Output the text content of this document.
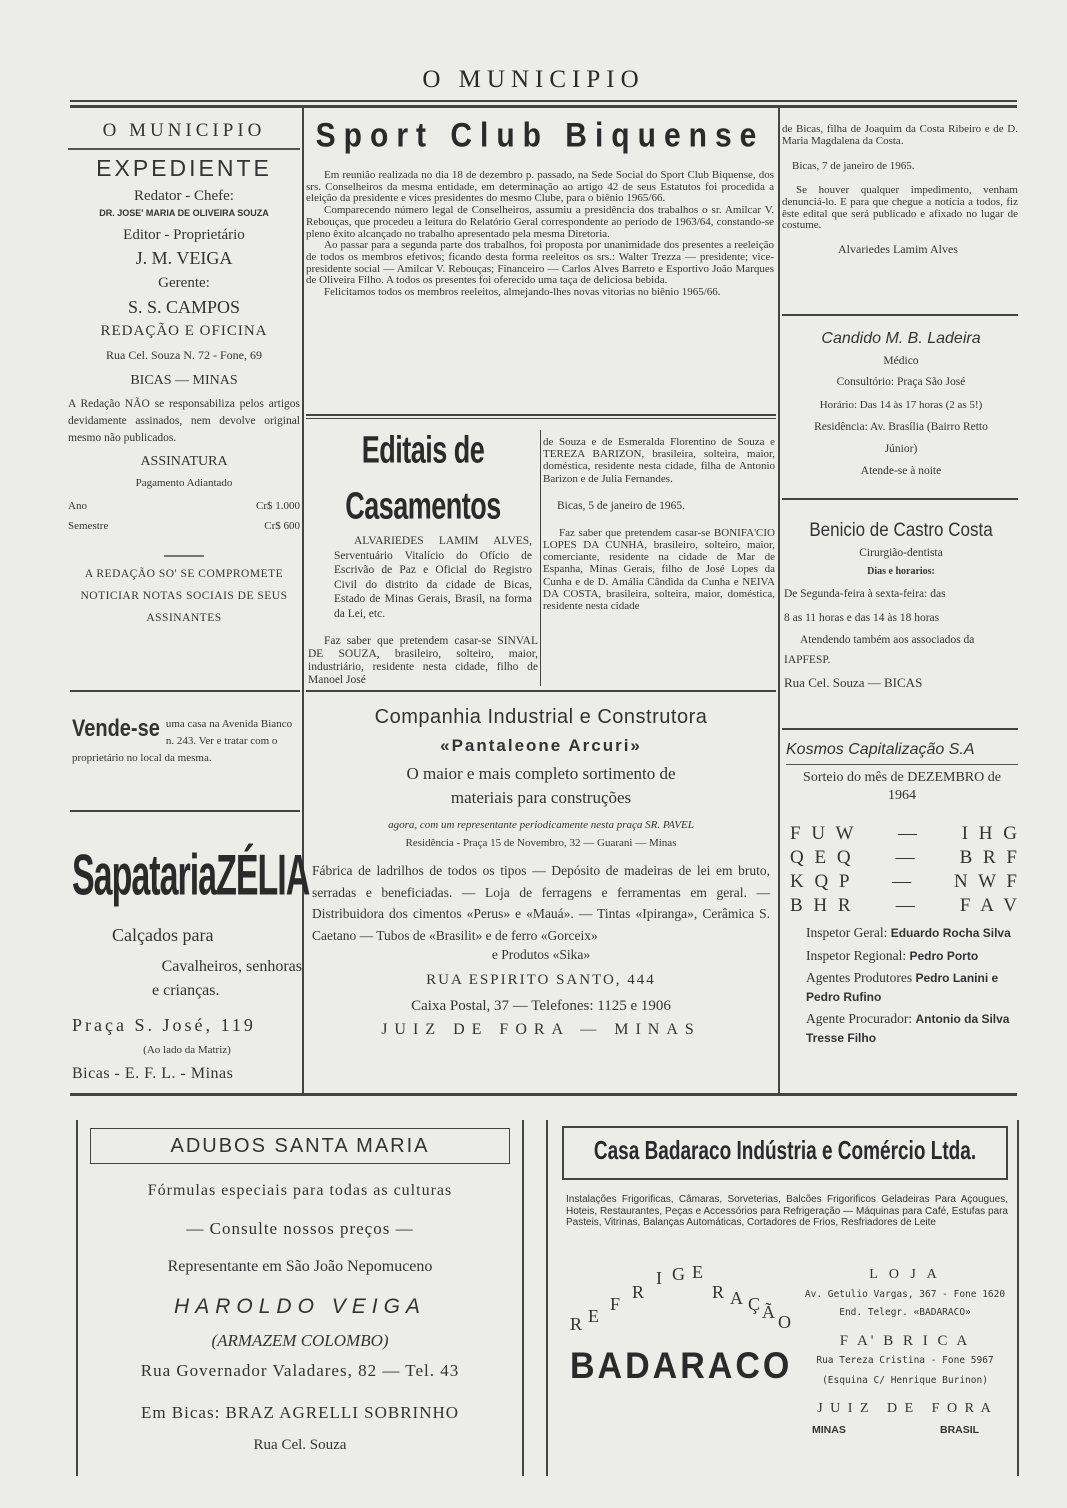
O MUNICIPIO
O MUNICIPIO
EXPEDIENTE
Redator - Chefe:
DR. JOSE' MARIA DE OLIVEIRA SOUZA
Editor - Proprietário
J. M. VEIGA
Gerente:
S. S. CAMPOS
REDAÇÃO E OFICINA
Rua Cel. Souza N. 72 - Fone, 69
BICAS — MINAS
A Redação NÃO se responsabiliza pelos artigos devidamente assinados, nem devolve original mesmo não publicados.
ASSINATURA
Pagamento Adiantado
Ano	Cr$ 1.000
Semestre	Cr$ 600
A REDAÇÃO SO' SE COMPROMETE NOTICIAR NOTAS SOCIAIS DE SEUS ASSINANTES
Vende-se uma casa na Avenida Bianco n. 243. Ver e tratar com o proprietário no local da mesma.
Sapataria ZÉLIA
Calçados para
Cavalheiros, senhoras
e crianças.
Praça S. José, 119
(Ao lado da Matriz)
Bicas - E. F. L. - Minas
Sport Club Biquense
Em reunião realizada no dia 18 de dezembro p. passado, na Sede Social do Sport Club Biquense, dos srs. Conselheiros da mesma entidade, em determinação ao artigo 42 de seus Estatutos foi procedida a eleição da presidente e vices presidentes do mesmo Clube, para o biênio 1965/66.
Comparecendo número legal de Conselheiros, assumiu a presidência dos trabalhos o sr. Amilcar V. Rebouças, que procedeu a leitura do Relatório Geral correspondente ao período de 1963/64, constando-se pleno êxito alcançado no trabalho apresentado pela mesma Diretoria.
Ao passar para a segunda parte dos trabalhos, foi proposta por unanimidade dos presentes a reeleição de todos os membros efetivos; ficando desta forma reeleitos os srs.: Walter Trezza — presidente; vice-presidente social — Amilcar V. Rebouças; Financeiro — Carlos Alves Barreto e Esportivo João Marques de Oliveira Filho. A todos os presentes foi oferecido uma taça de deliciosa bebida.
Felicitamos todos os membros reeleitos, almejando-lhes novas vitorias no biênio 1965/66.
Editais de Casamentos
ALVARIEDES LAMIM ALVES, Serventuário Vitalício do Ofício de Escrivão de Paz e Oficial do Registro Civil do distrito da cidade de Bicas, Estado de Minas Gerais, Brasil, na forma da Lei, etc.
Faz saber que pretendem casar-se SINVAL DE SOUZA, brasileiro, solteiro, maior, industriário, residente nesta cidade, filho de Manoel José
de Souza e de Esmeralda Florentino de Souza e TEREZA BARIZON, brasileira, solteira, maior, doméstica, residente nesta cidade, filha de Antonio Barizon e de Julia Fernandes.
Bicas, 5 de janeiro de 1965.
Faz saber que pretendem casar-se BONIFA'CIO LOPES DA CUNHA, brasileiro, solteiro, maior, comerciante, residente na cidade de Mar de Espanha, Minas Gerais, filho de José Lopes da Cunha e de D. Amália Cândida da Cunha e NEIVA DA COSTA, brasileira, solteira, maior, doméstica, residente nesta cidade
Companhia Industrial e Construtora
«Pantaleone Arcuri»
O maior e mais completo sortimento de
materiais para construções
agora, com um representante periodicamente nesta praça SR. PAVEL
Residência - Praça 15 de Novembro, 32 — Guarani — Minas
Fábrica de ladrilhos de todos os tipos — Depósito de madeiras de lei em bruto, serradas e beneficiadas. — Loja de ferragens e ferramentas em geral. — Distribuidora dos cimentos «Perus» e «Mauá». — Tintas «Ipiranga», Cerâmica S. Caetano — Tubos de «Brasilit» e de ferro «Gorceix»
e Produtos «Sika»
RUA ESPIRITO SANTO, 444
Caixa Postal, 37 — Telefones: 1125 e 1906
JUIZ DE FORA — MINAS
de Bicas, filha de Joaquim da Costa Ribeiro e de D. Maria Magdalena da Costa.
Bicas, 7 de janeiro de 1965.
Se houver qualquer impedimento, venham denunciá-lo. E para que chegue a notícia a todos, fiz êste edital que será publicado e afixado no lugar de costume.
Alvariedes Lamim Alves
Candido M. B. Ladeira
Médico
Consultório: Praça São José
Horário: Das 14 às 17 horas (2 as 5!)
Residência: Av. Brasília (Bairro Retto Júnior)
Atende-se à noite
Benicio de Castro Costa
Cirurgião-dentista
Dias e horarios:
De Segunda-feira à sexta-feira: das
8 as 11 horas e das 14 às 18 horas
Atendendo também aos associados da IAPFESP.
Rua Cel. Souza — BICAS
Kosmos Capitalização S.A
Sorteio do mês de DEZEMBRO de 1964
F U W — I H G
Q E Q — B R F
K Q P — N W F
B H R — F A V
Inspetor Geral: Eduardo Rocha Silva
Inspetor Regional: Pedro Porto
Agentes Produtores Pedro Lanini e Pedro Rufino
Agente Procurador: Antonio da Silva Tresse Filho
ADUBOS SANTA MARIA
Fórmulas especiais para todas as culturas
— Consulte nossos preços —
Representante em São João Nepomuceno
HAROLDO VEIGA
(ARMAZEM COLOMBO)
Rua Governador Valadares, 82 — Tel. 43
Em Bicas: BRAZ AGRELLI SOBRINHO
Rua Cel. Souza
Casa Badaraco Indústria e Comércio Ltda.
Instalações Frigorificas, Câmaras, Sorveterias, Balcões Frigorificos Geladeiras Para Açougues, Hoteis, Restaurantes, Peças e Accessórios para Refrigeração — Máquinas para Café, Estufas para Pasteis, Vitrinas, Balanças Automáticas, Cortadores de Frios, Resfriadores de Leite
R E
F
R
I G E
R A Ç Ã O
BADARACO
L O J A
Av. Getulio Vargas, 367 - Fone 1620
End. Telegr. «BADARACO»
F A' B R I C A
Rua Tereza Cristina - Fone 5967
(Esquina C/ Henrique Burinon)
J U I Z   D E   F O R A
MINAS	BRASIL
